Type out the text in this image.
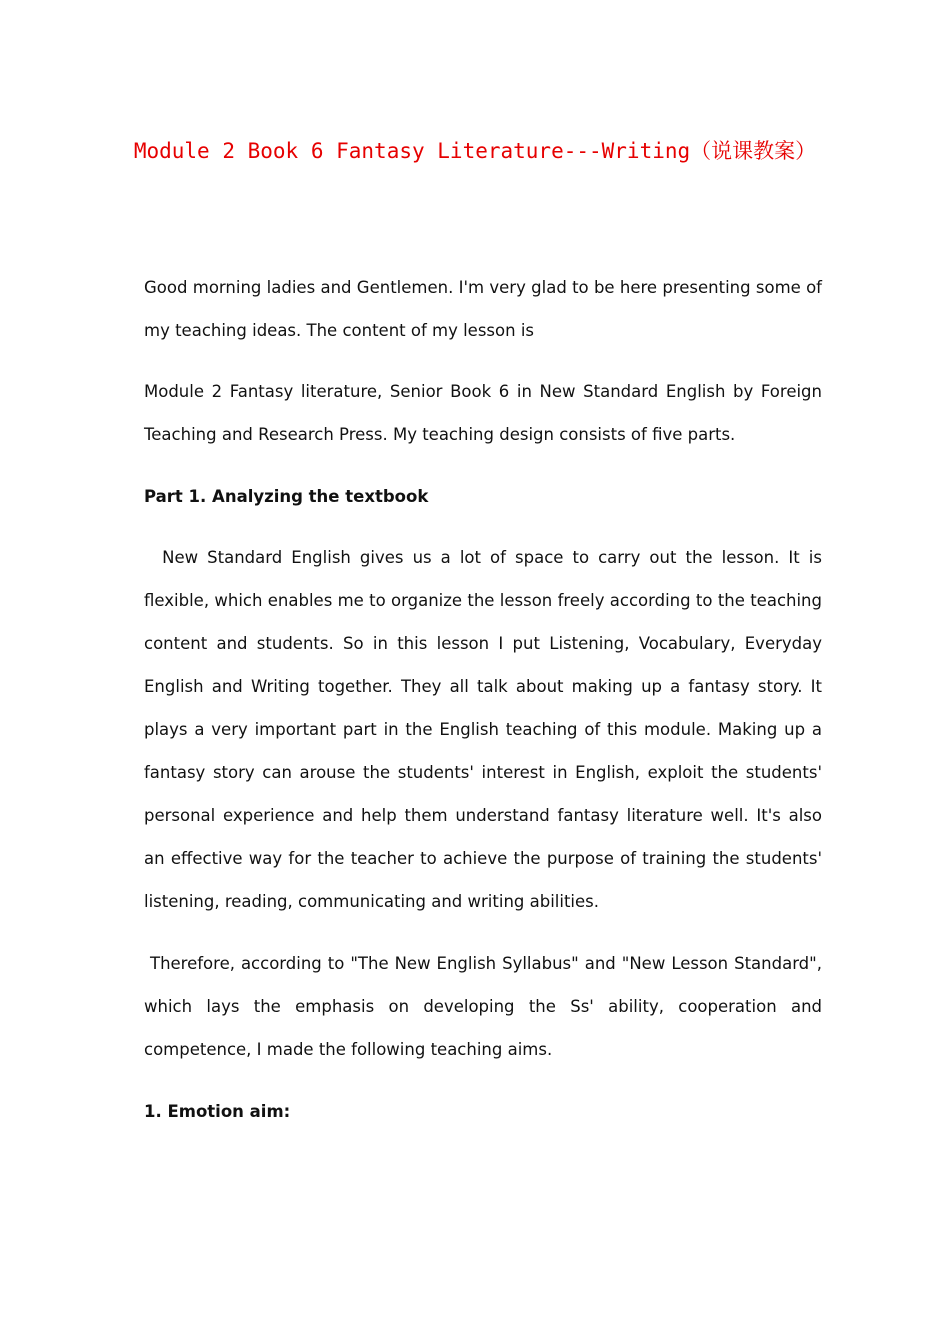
Module 2 Book 6 Fantasy Literature---Writing（说课教案）

Good morning ladies and Gentlemen. I'm very glad to be here presenting some of my teaching ideas. The content of my lesson is

Module 2 Fantasy literature, Senior Book 6 in New Standard English by Foreign Teaching and Research Press. My teaching design consists of five parts.

Part 1. Analyzing the textbook

New Standard English gives us a lot of space to carry out the lesson. It is flexible, which enables me to organize the lesson freely according to the teaching content and students. So in this lesson I put Listening, Vocabulary, Everyday English and Writing together. They all talk about making up a fantasy story. It plays a very important part in the English teaching of this module. Making up a fantasy story can arouse the students' interest in English, exploit the students' personal experience and help them understand fantasy literature well. It's also an effective way for the teacher to achieve the purpose of training the students' listening, reading, communicating and writing abilities.

Therefore, according to "The New English Syllabus" and "New Lesson Standard", which lays the emphasis on developing the Ss' ability, cooperation and competence, I made the following teaching aims.

1. Emotion aim:
